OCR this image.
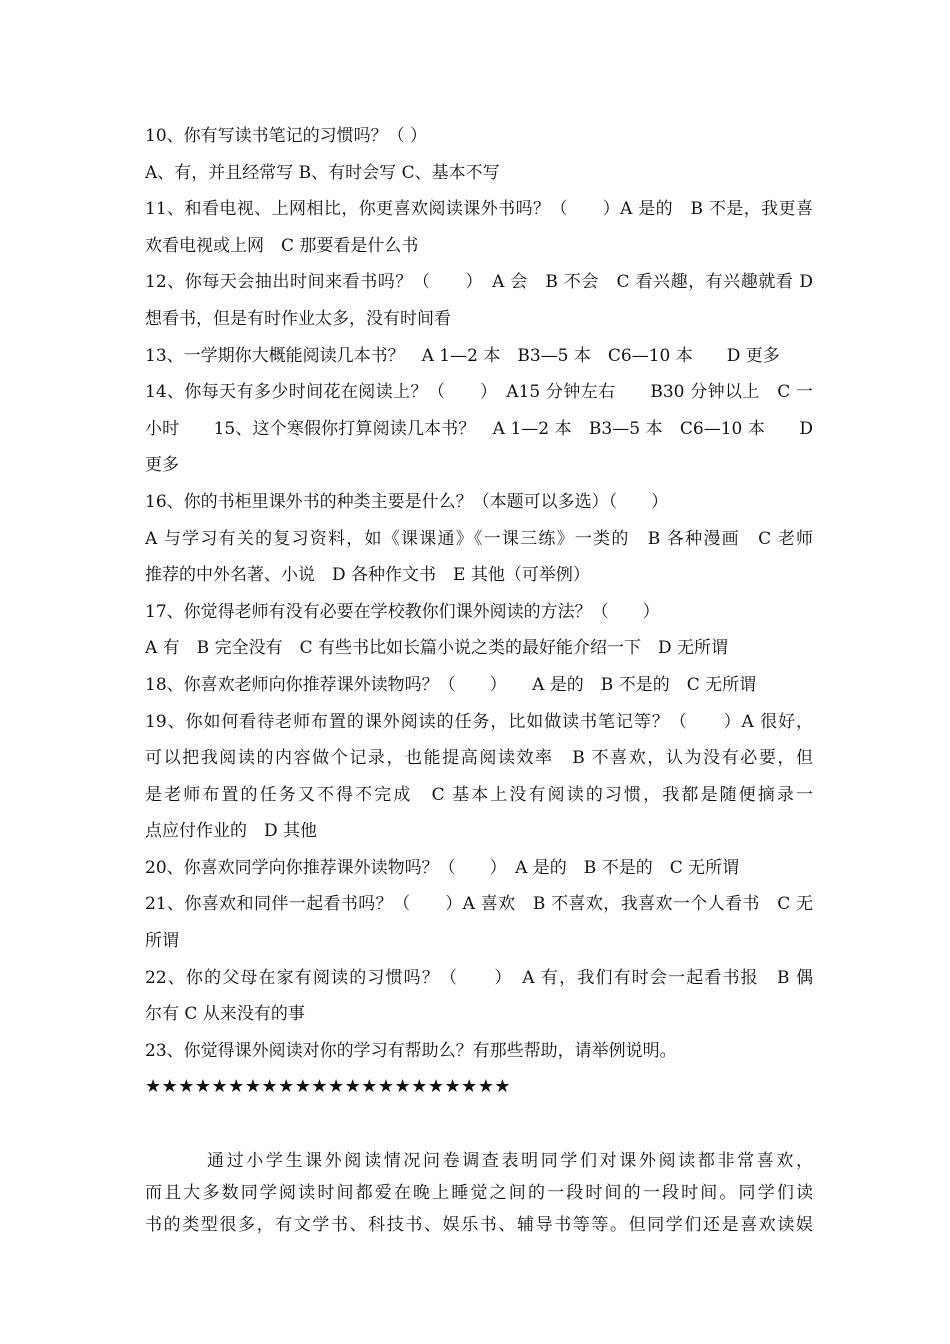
10、你有写读书笔记的习惯吗？（ ）
A、有，并且经常写 B、有时会写 C、基本不写
11、和看电视、上网相比，你更喜欢阅读课外书吗？（　　）A 是的　B 不是，我更喜
欢看电视或上网　C 那要看是什么书
12、你每天会抽出时间来看书吗？（　　）　A 会　B 不会　C 看兴趣，有兴趣就看 D
想看书，但是有时作业太多，没有时间看
13、一学期你大概能阅读几本书？　A 1—2 本　B3—5 本　C6—10 本　　D 更多
14、你每天有多少时间花在阅读上？（　　）　A15 分钟左右　　B30 分钟以上　C 一
小时　　15、这个寒假你打算阅读几本书？　A 1—2 本　B3—5 本　C6—10 本　　D
更多
16、你的书柜里课外书的种类主要是什么？（本题可以多选）（　　）
A 与学习有关的复习资料，如《课课通》《一课三练》一类的　B 各种漫画　C 老师
推荐的中外名著、小说　D 各种作文书　E 其他（可举例）
17、你觉得老师有没有必要在学校教你们课外阅读的方法？（　　）
A 有　B 完全没有　C 有些书比如长篇小说之类的最好能介绍一下　D 无所谓
18、你喜欢老师向你推荐课外读物吗？（　　）　　A 是的　B 不是的　C 无所谓
19、你如何看待老师布置的课外阅读的任务，比如做读书笔记等？（　　）A 很好，
可以把我阅读的内容做个记录，也能提高阅读效率　B 不喜欢，认为没有必要，但
是老师布置的任务又不得不完成　C 基本上没有阅读的习惯，我都是随便摘录一
点应付作业的　D 其他
20、你喜欢同学向你推荐课外读物吗？（　　）　A 是的　B 不是的　C 无所谓
21、你喜欢和同伴一起看书吗？（　　）A 喜欢　B 不喜欢，我喜欢一个人看书　C 无
所谓
22、你的父母在家有阅读的习惯吗？（　　）　A 有，我们有时会一起看书报　B 偶
尔有 C 从来没有的事
23、你觉得课外阅读对你的学习有帮助么？有那些帮助，请举例说明。
★★★★★★★★★★★★★★★★★★★★★★
通过小学生课外阅读情况问卷调查表明同学们对课外阅读都非常喜欢，
而且大多数同学阅读时间都爱在晚上睡觉之间的一段时间的一段时间。同学们读
书的类型很多，有文学书、科技书、娱乐书、辅导书等等。但同学们还是喜欢读娱
